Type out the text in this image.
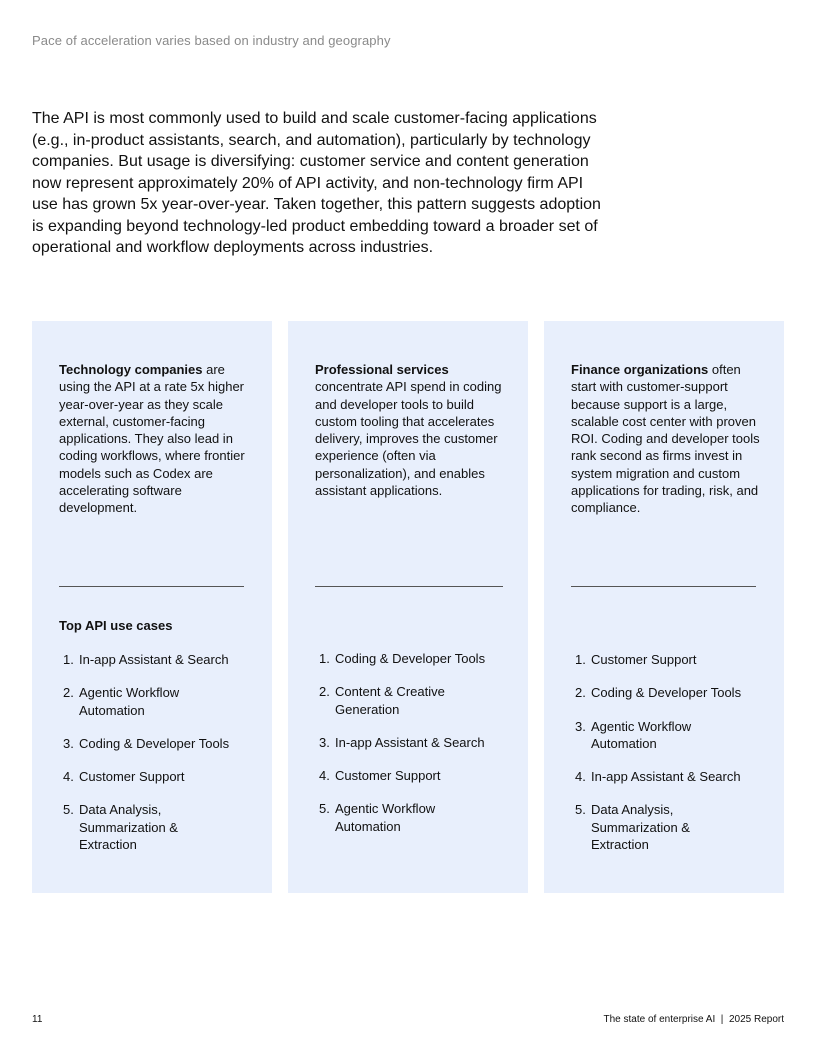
Pace of acceleration varies based on industry and geography

The API is most commonly used to build and scale customer-facing applications (e.g., in-product assistants, search, and automation), particularly by technology companies. But usage is diversifying: customer service and content generation now represent approximately 20% of API activity, and non-technology firm API use has grown 5x year-over-year. Taken together, this pattern suggests adoption is expanding beyond technology-led product embedding toward a broader set of operational and workflow deployments across industries.

Technology companies are using the API at a rate 5x higher year-over-year as they scale external, customer-facing applications. They also lead in coding workflows, where frontier models such as Codex are accelerating software development.

Top API use cases

1. In-app Assistant & Search
2. Agentic Workflow Automation
3. Coding & Developer Tools
4. Customer Support
5. Data Analysis, Summarization & Extraction

Professional services concentrate API spend in coding and developer tools to build custom tooling that accelerates delivery, improves the customer experience (often via personalization), and enables assistant applications.

1. Coding & Developer Tools
2. Content & Creative Generation
3. In-app Assistant & Search
4. Customer Support
5. Agentic Workflow Automation

Finance organizations often start with customer-support because support is a large, scalable cost center with proven ROI. Coding and developer tools rank second as firms invest in system migration and custom applications for trading, risk, and compliance.

1. Customer Support
2. Coding & Developer Tools
3. Agentic Workflow Automation
4. In-app Assistant & Search
5. Data Analysis, Summarization & Extraction
11	The state of enterprise AI  |  2025 Report
